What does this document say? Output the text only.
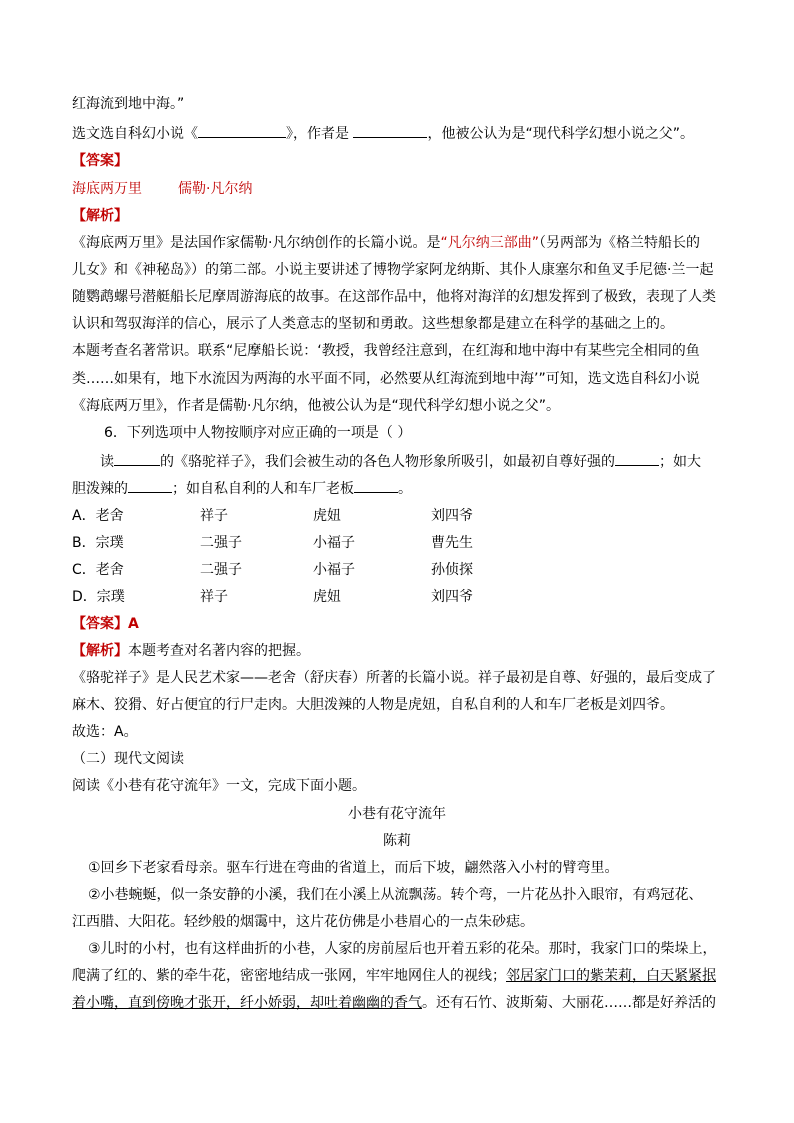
红海流到地中海。”
选文选自科幻小说《	》，作者是	，他被公认为是“现代科学幻想小说之父”。
【答案】
海底两万里	儒勒·凡尔纳
【解析】
《海底两万里》是法国作家儒勒·凡尔纳创作的长篇小说。是“凡尔纳三部曲”（另两部为《格兰特船长的
儿女》和《神秘岛》）的第二部。小说主要讲述了博物学家阿龙纳斯、其仆人康塞尔和鱼叉手尼德·兰一起
随鹦鹉螺号潜艇船长尼摩周游海底的故事。在这部作品中，他将对海洋的幻想发挥到了极致，表现了人类
认识和驾驭海洋的信心，展示了人类意志的坚韧和勇敢。这些想象都是建立在科学的基础之上的。
本题考查名著常识。联系“尼摩船长说：‘教授，我曾经注意到，在红海和地中海中有某些完全相同的鱼
类……如果有，地下水流因为两海的水平面不同，必然要从红海流到地中海’”可知，选文选自科幻小说
《海底两万里》，作者是儒勒·凡尔纳，他被公认为是“现代科学幻想小说之父”。
6．下列选项中人物按顺序对应正确的一项是（ ）
读	的《骆驼祥子》，我们会被生动的各色人物形象所吸引，如最初自尊好强的	；如大
胆泼辣的	；如自私自利的人和车厂老板	。
A．老舍	祥子	虎妞	刘四爷
B．宗璞	二强子	小福子	曹先生
C．老舍	二强子	小福子	孙侦探
D．宗璞	祥子	虎妞	刘四爷
【答案】A
【解析】本题考查对名著内容的把握。
《骆驼祥子》是人民艺术家——老舍（舒庆春）所著的长篇小说。祥子最初是自尊、好强的，最后变成了
麻木、狡猾、好占便宜的行尸走肉。大胆泼辣的人物是虎妞，自私自利的人和车厂老板是刘四爷。
故选：A。
（二）现代文阅读
阅读《小巷有花守流年》一文，完成下面小题。
小巷有花守流年
陈莉
①回乡下老家看母亲。驱车行进在弯曲的省道上，而后下坡，翩然落入小村的臂弯里。
②小巷蜿蜒，似一条安静的小溪，我们在小溪上从流飘荡。转个弯，一片花丛扑入眼帘，有鸡冠花、
江西腊、大阳花。轻纱般的烟霭中，这片花仿佛是小巷眉心的一点朱砂痣。
③儿时的小村，也有这样曲折的小巷，人家的房前屋后也开着五彩的花朵。那时，我家门口的柴垛上，
爬满了红的、紫的牵牛花，密密地结成一张网，牢牢地网住人的视线；邻居家门口的紫茉莉，白天紧紧抿
着小嘴，直到傍晚才张开，纤小娇弱，却吐着幽幽的香气。还有石竹、波斯菊、大丽花……都是好养活的
